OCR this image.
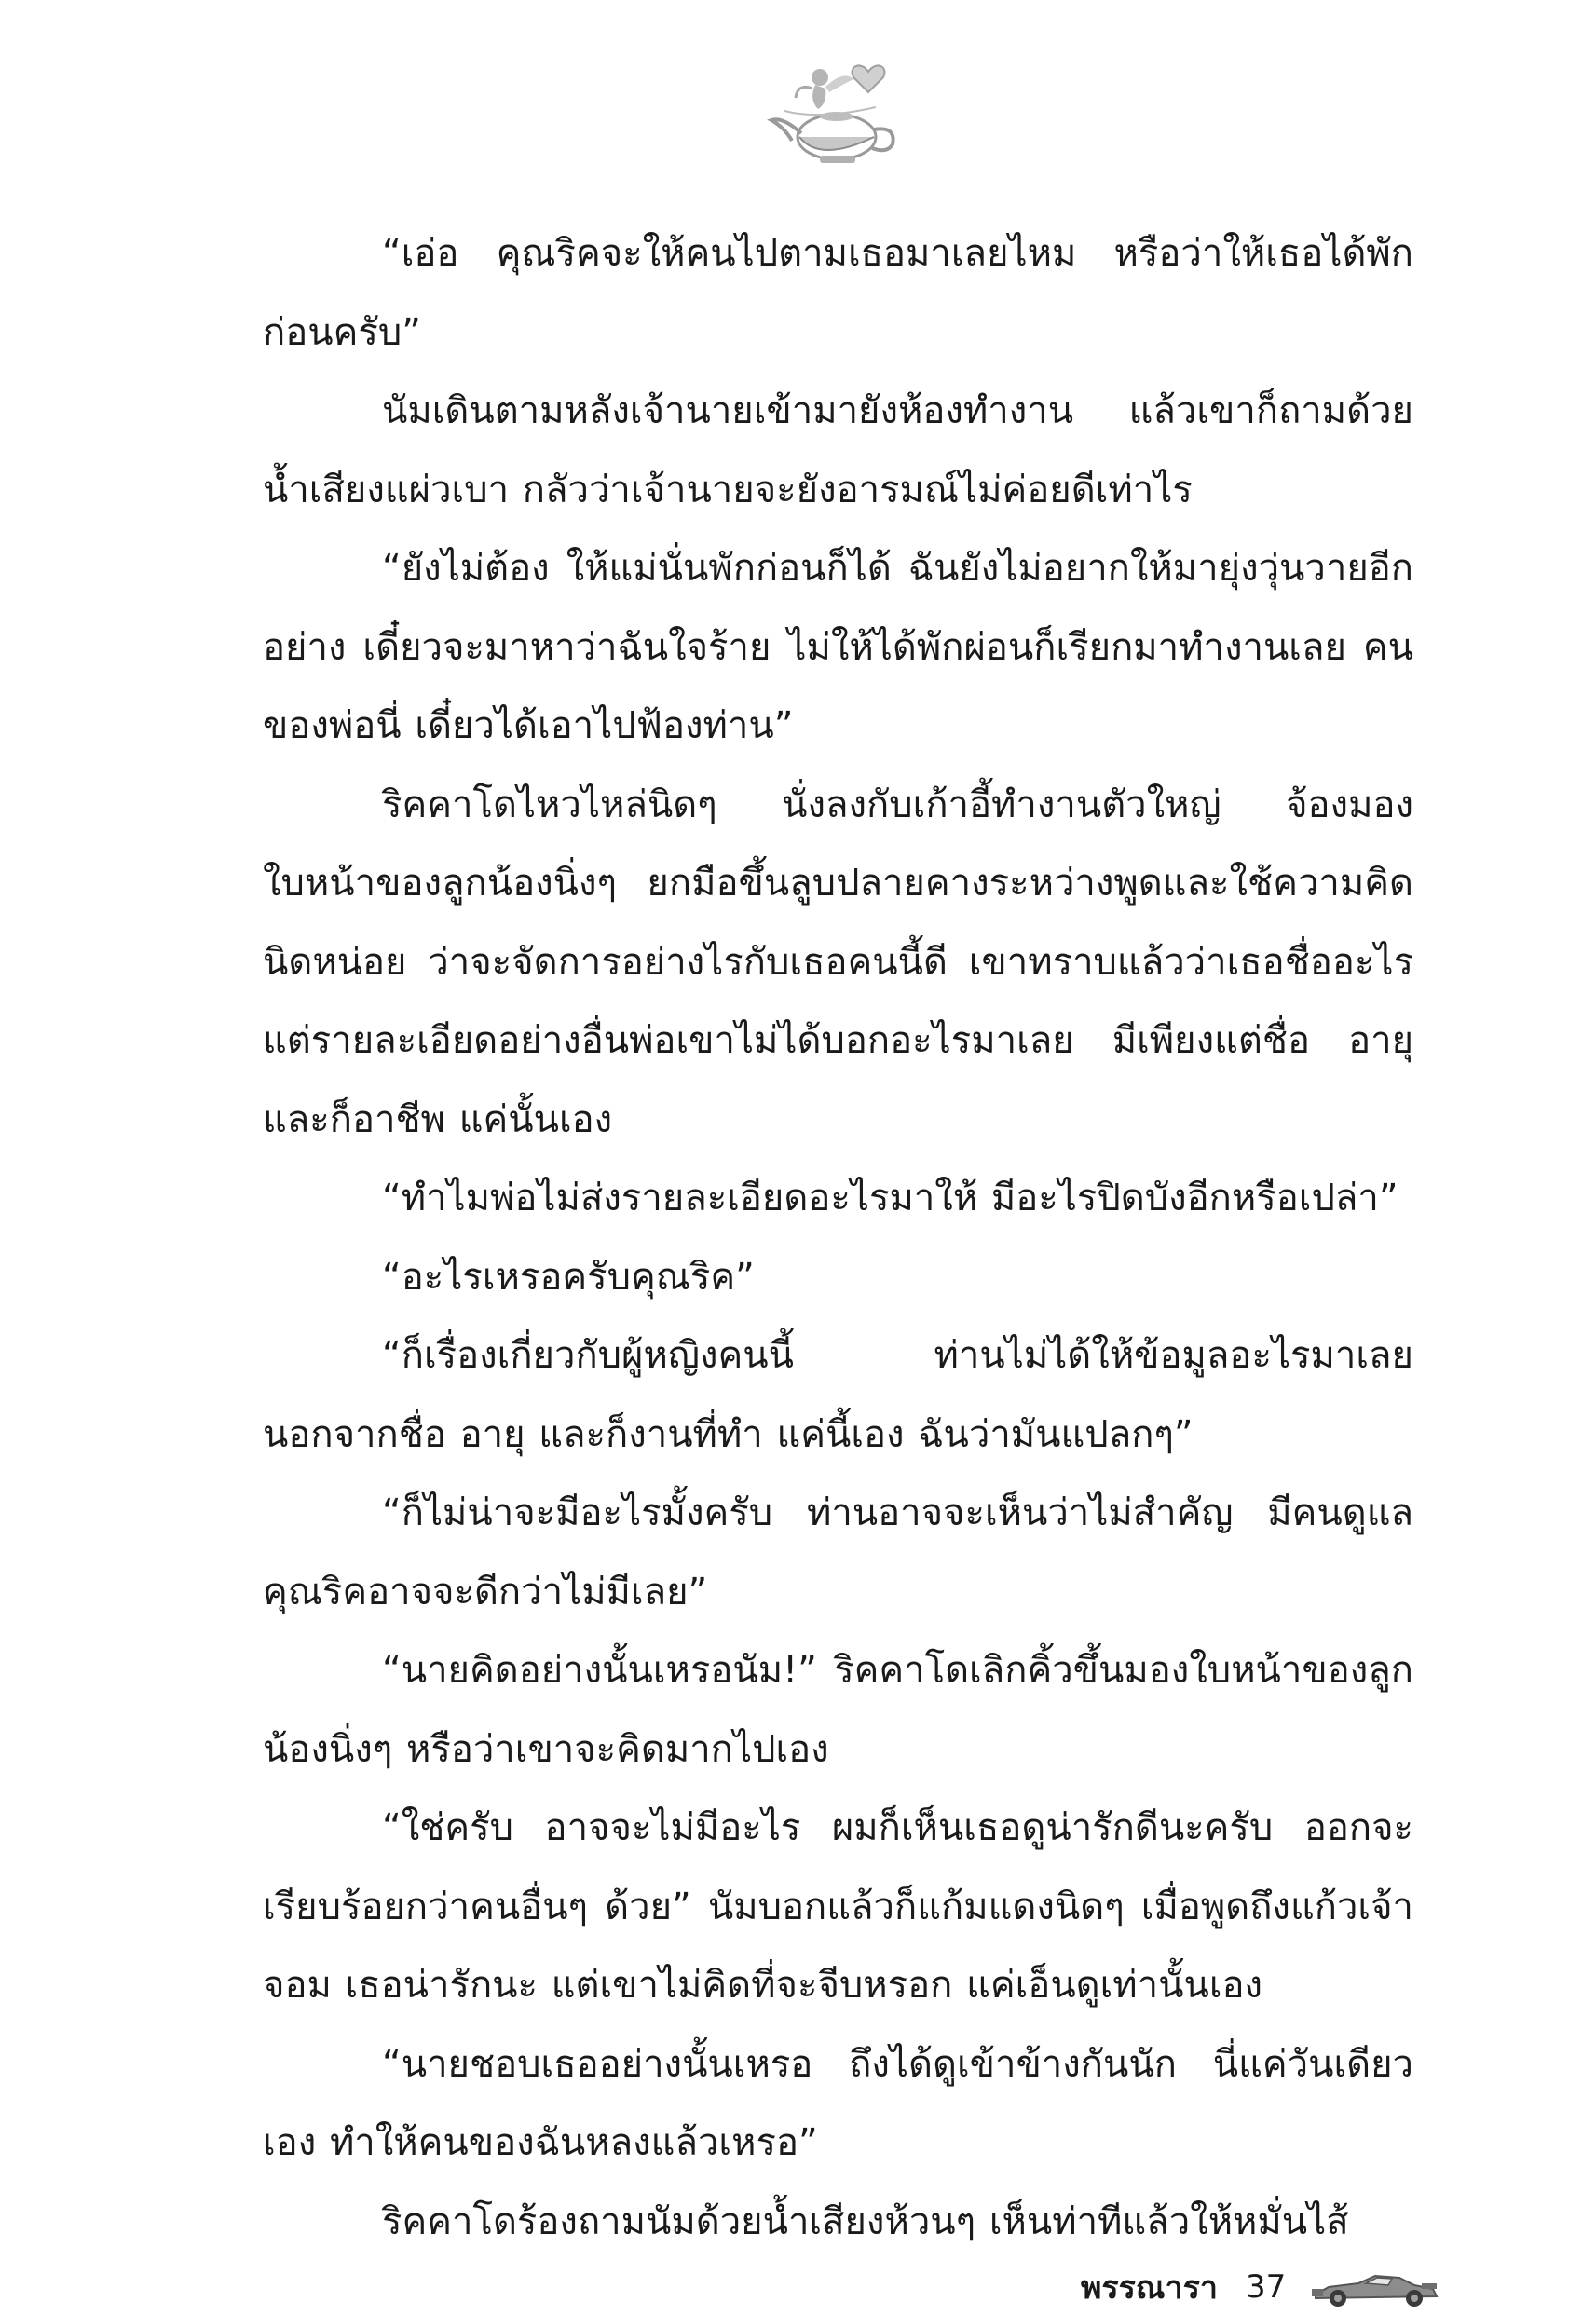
“เอ่อ คุณริคจะให้คนไปตามเธอมาเลยไหม หรือว่าให้เธอได้พักก่อนครับ”

นัมเดินตามหลังเจ้านายเข้ามายังห้องทำงาน แล้วเขาก็ถามด้วยน้ำเสียงแผ่วเบา กลัวว่าเจ้านายจะยังอารมณ์ไม่ค่อยดีเท่าไร

“ยังไม่ต้อง ให้แม่นั่นพักก่อนก็ได้ ฉันยังไม่อยากให้มายุ่งวุ่นวายอีกอย่าง เดี๋ยวจะมาหาว่าฉันใจร้าย ไม่ให้ได้พักผ่อนก็เรียกมาทำงานเลย คนของพ่อนี่ เดี๋ยวได้เอาไปฟ้องท่าน”

ริคคาโดไหวไหล่นิดๆ นั่งลงกับเก้าอี้ทำงานตัวใหญ่ จ้องมองใบหน้าของลูกน้องนิ่งๆ ยกมือขึ้นลูบปลายคางระหว่างพูดและใช้ความคิดนิดหน่อย ว่าจะจัดการอย่างไรกับเธอคนนี้ดี เขาทราบแล้วว่าเธอชื่ออะไร แต่รายละเอียดอย่างอื่นพ่อเขาไม่ได้บอกอะไรมาเลย มีเพียงแต่ชื่อ อายุ และก็อาชีพ แค่นั้นเอง

“ทำไมพ่อไม่ส่งรายละเอียดอะไรมาให้ มีอะไรปิดบังอีกหรือเปล่า”

“อะไรเหรอครับคุณริค”

“ก็เรื่องเกี่ยวกับผู้หญิงคนนี้ ท่านไม่ได้ให้ข้อมูลอะไรมาเลย นอกจากชื่อ อายุ และก็งานที่ทำ แค่นี้เอง ฉันว่ามันแปลกๆ”

“ก็ไม่น่าจะมีอะไรมั้งครับ ท่านอาจจะเห็นว่าไม่สำคัญ มีคนดูแลคุณริคอาจจะดีกว่าไม่มีเลย”

“นายคิดอย่างนั้นเหรอนัม!” ริคคาโดเลิกคิ้วขึ้นมองใบหน้าของลูกน้องนิ่งๆ หรือว่าเขาจะคิดมากไปเอง

“ใช่ครับ อาจจะไม่มีอะไร ผมก็เห็นเธอดูน่ารักดีนะครับ ออกจะเรียบร้อยกว่าคนอื่นๆ ด้วย” นัมบอกแล้วก็แก้มแดงนิดๆ เมื่อพูดถึงแก้วเจ้าจอม เธอน่ารักนะ แต่เขาไม่คิดที่จะจีบหรอก แค่เอ็นดูเท่านั้นเอง

“นายชอบเธออย่างนั้นเหรอ ถึงได้ดูเข้าข้างกันนัก นี่แค่วันเดียวเอง ทำให้คนของฉันหลงแล้วเหรอ”

ริคคาโดร้องถามนัมด้วยน้ำเสียงห้วนๆ เห็นท่าทีแล้วให้หมั่นไส้

พรรณารา 37
